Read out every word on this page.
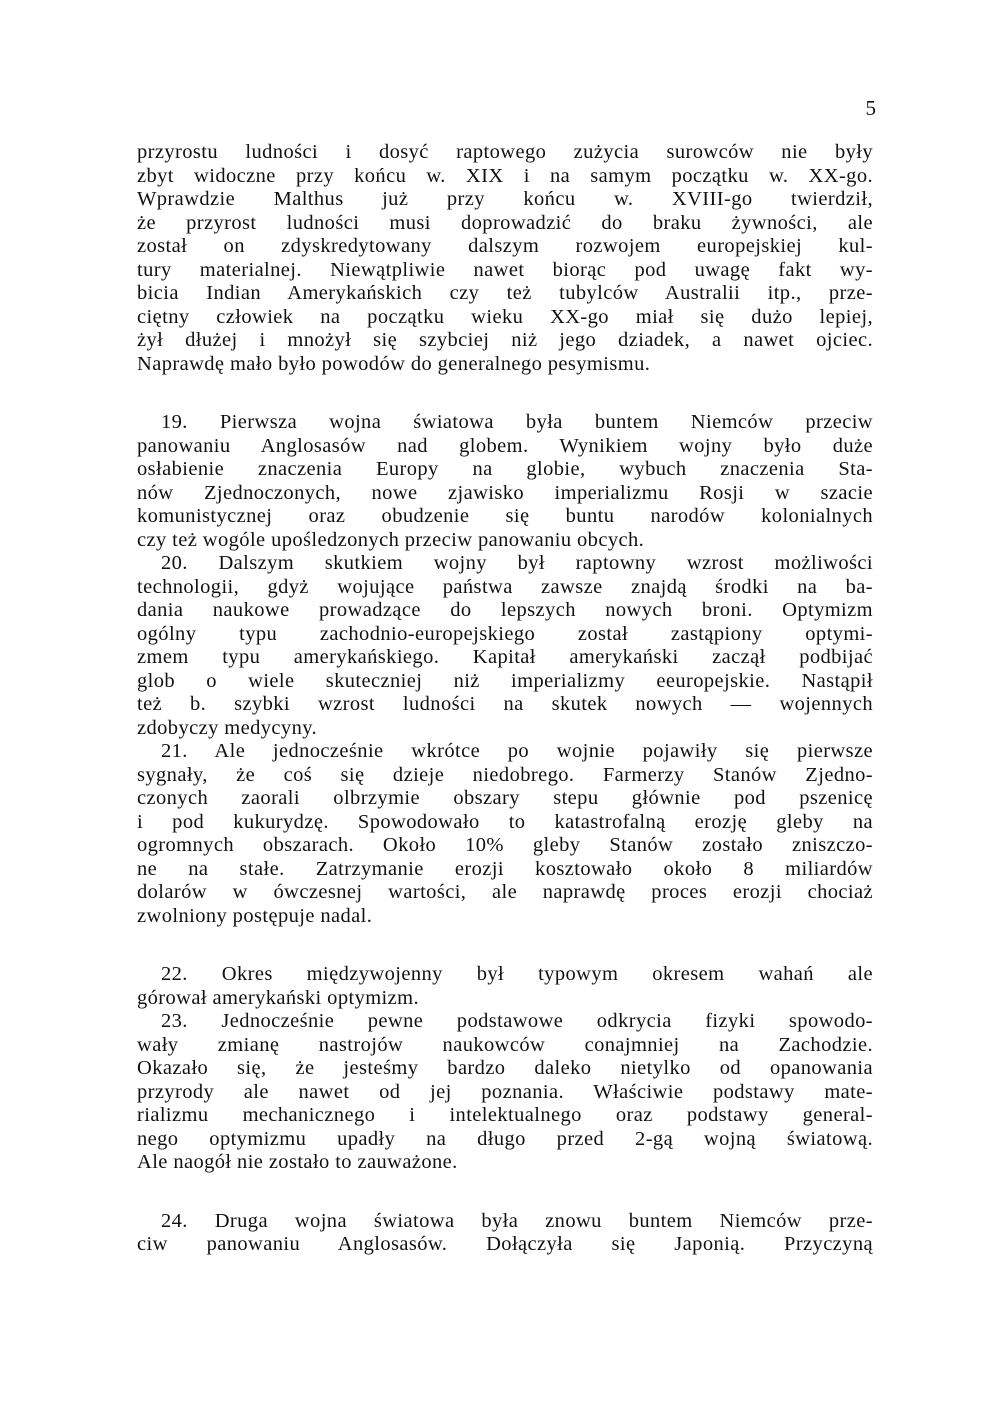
5
przyrostu ludności i dosyć raptowego zużycia surowców nie były
zbyt widoczne przy końcu w. XIX i na samym początku w. XX-go.
Wprawdzie Malthus już przy końcu w. XVIII-go twierdził,
że przyrost ludności musi doprowadzić do braku żywności, ale
został on zdyskredytowany dalszym rozwojem europejskiej kul-
tury materialnej. Niewątpliwie nawet biorąc pod uwagę fakt wy-
bicia Indian Amerykańskich czy też tubylców Australii itp., prze-
ciętny człowiek na początku wieku XX-go miał się dużo lepiej,
żył dłużej i mnożył się szybciej niż jego dziadek, a nawet ojciec.
Naprawdę mało było powodów do generalnego pesymismu.
19. Pierwsza wojna światowa była buntem Niemców przeciw
panowaniu Anglosasów nad globem. Wynikiem wojny było duże
osłabienie znaczenia Europy na globie, wybuch znaczenia Sta-
nów Zjednoczonych, nowe zjawisko imperializmu Rosji w szacie
komunistycznej oraz obudzenie się buntu narodów kolonialnych
czy też wogóle upośledzonych przeciw panowaniu obcych.
20. Dalszym skutkiem wojny był raptowny wzrost możliwości
technologii, gdyż wojujące państwa zawsze znajdą środki na ba-
dania naukowe prowadzące do lepszych nowych broni. Optymizm
ogólny typu zachodnio-europejskiego został zastąpiony optymi-
zmem typu amerykańskiego. Kapitał amerykański zaczął podbijać
glob o wiele skuteczniej niż imperializmy eeuropejskie. Nastąpił
też b. szybki wzrost ludności na skutek nowych — wojennych
zdobyczy medycyny.
21. Ale jednocześnie wkrótce po wojnie pojawiły się pierwsze
sygnały, że coś się dzieje niedobrego. Farmerzy Stanów Zjedno-
czonych zaorali olbrzymie obszary stepu głównie pod pszenicę
i pod kukurydzę. Spowodowało to katastrofalną erozję gleby na
ogromnych obszarach. Około 10% gleby Stanów zostało zniszczo-
ne na stałe. Zatrzymanie erozji kosztowało około 8 miliardów
dolarów w ówczesnej wartości, ale naprawdę proces erozji chociaż
zwolniony postępuje nadal.
22. Okres międzywojenny był typowym okresem wahań ale
górował amerykański optymizm.
23. Jednocześnie pewne podstawowe odkrycia fizyki spowodo-
wały zmianę nastrojów naukowców conajmniej na Zachodzie.
Okazało się, że jesteśmy bardzo daleko nietylko od opanowania
przyrody ale nawet od jej poznania. Właściwie podstawy mate-
rializmu mechanicznego i intelektualnego oraz podstawy general-
nego optymizmu upadły na długo przed 2-gą wojną światową.
Ale naogół nie zostało to zauważone.
24. Druga wojna światowa była znowu buntem Niemców prze-
ciw panowaniu Anglosasów. Dołączyła się Japonią. Przyczyną
